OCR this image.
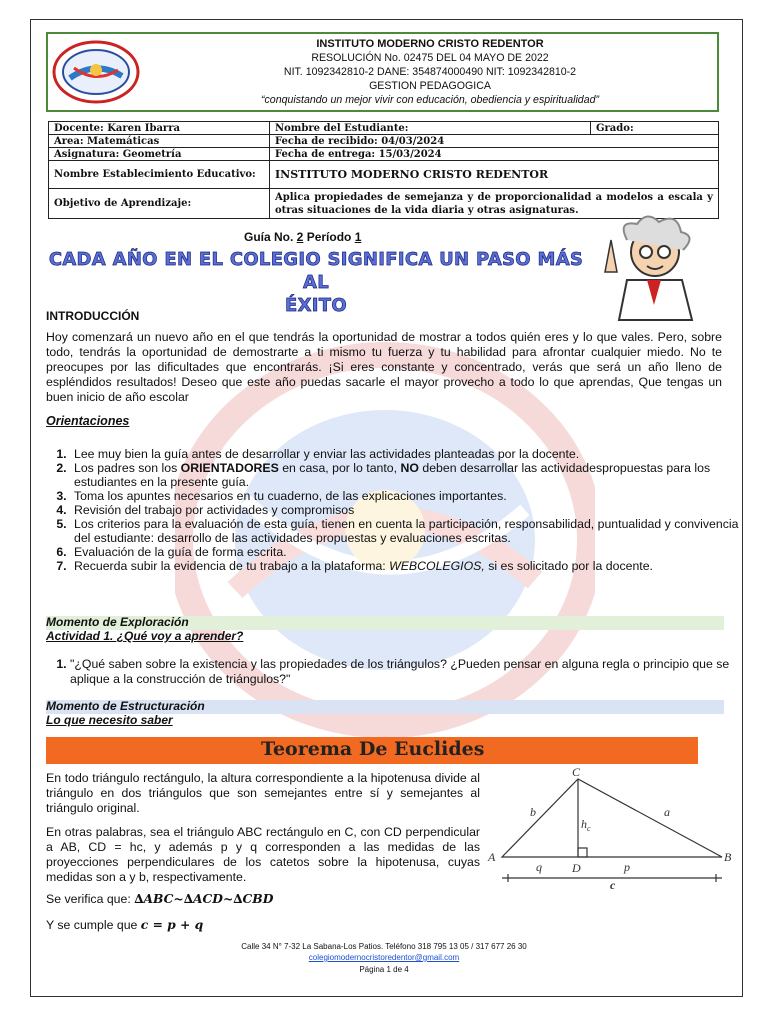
INSTITUTO MODERNO CRISTO REDENTOR
RESOLUCIÓN No. 02475 DEL 04 MAYO DE 2022
NIT. 1092342810-2 DANE: 354874000490 NIT: 1092342810-2
GESTION PEDAGOGICA
“conquistando un mejor vivir con educación, obediencia y espiritualidad”
Docente: Karen Ibarra	Nombre del Estudiante:	Grado:
Area: Matemáticas	Fecha de recibido: 04/03/2024	
Asignatura: Geometría	Fecha de entrega: 15/03/2024	
Nombre Establecimiento Educativo:	INSTITUTO MODERNO CRISTO REDENTOR	
Objetivo de Aprendizaje:	Aplica propiedades de semejanza y de proporcionalidad a modelos a escala y otras situaciones de la vida diaria y otras asignaturas.	
Guía No. 2 Período 1
CADA AÑO EN EL COLEGIO SIGNIFICA UN PASO MÁS AL
ÉXITO
INTRODUCCIÓN
Hoy comenzará un nuevo año en el que tendrás la oportunidad de mostrar a todos quién eres y lo que vales. Pero, sobre todo, tendrás la oportunidad de demostrarte a ti mismo tu fuerza y tu habilidad para afrontar cualquier miedo. No te preocupes por las dificultades que encontrarás. ¡Si eres constante y concentrado, verás que será un año lleno de espléndidos resultados! Deseo que este año puedas sacarle el mayor provecho a todo lo que aprendas, Que tengas un buen inicio de año escolar
Orientaciones
1. Lee muy bien la guía antes de desarrollar y enviar las actividades planteadas por la docente.
2. Los padres son los ORIENTADORES en casa, por lo tanto, NO deben desarrollar las actividadespropuestas para los estudiantes en la presente guía.
3. Toma los apuntes necesarios en tu cuaderno, de las explicaciones importantes.
4. Revisión del trabajo por actividades y compromisos
5. Los criterios para la evaluación de esta guía, tienen en cuenta la participación, responsabilidad, puntualidad y convivencia del estudiante: desarrollo de las actividades propuestas y evaluaciones escritas.
6. Evaluación de la guía de forma escrita.
7. Recuerda subir la evidencia de tu trabajo a la plataforma: WEBCOLEGIOS, si es solicitado por la docente.
Momento de Exploración
Actividad 1. ¿Qué voy a aprender?
1. "¿Qué saben sobre la existencia y las propiedades de los triángulos? ¿Pueden pensar en alguna regla o principio que se aplique a la construcción de triángulos?"
Momento de Estructuración
Lo que necesito saber
Teorema De Euclides
En todo triángulo rectángulo, la altura correspondiente a la hipotenusa divide al triángulo en dos triángulos que son semejantes entre sí y semejantes al triángulo original.
En otras palabras, sea el triángulo ABC rectángulo en C, con CD perpendicular a AB, CD = hc, y además p y q corresponden a las medidas de las proyecciones perpendiculares de los catetos sobre la hipotenusa, cuyas medidas son a y b, respectivamente.
Se verifica que: ∆ABC~∆ACD~∆CBD
Y se cumple que c = p + q
A	B
C
D
a
b
c
p
q
$h_c$
Calle 34 N° 7-32 La Sabana-Los Patios. Teléfono 318 795 13 05 / 317 677 26 30
colegiomodernocristoredentor@gmail.com
Página 1 de 4
